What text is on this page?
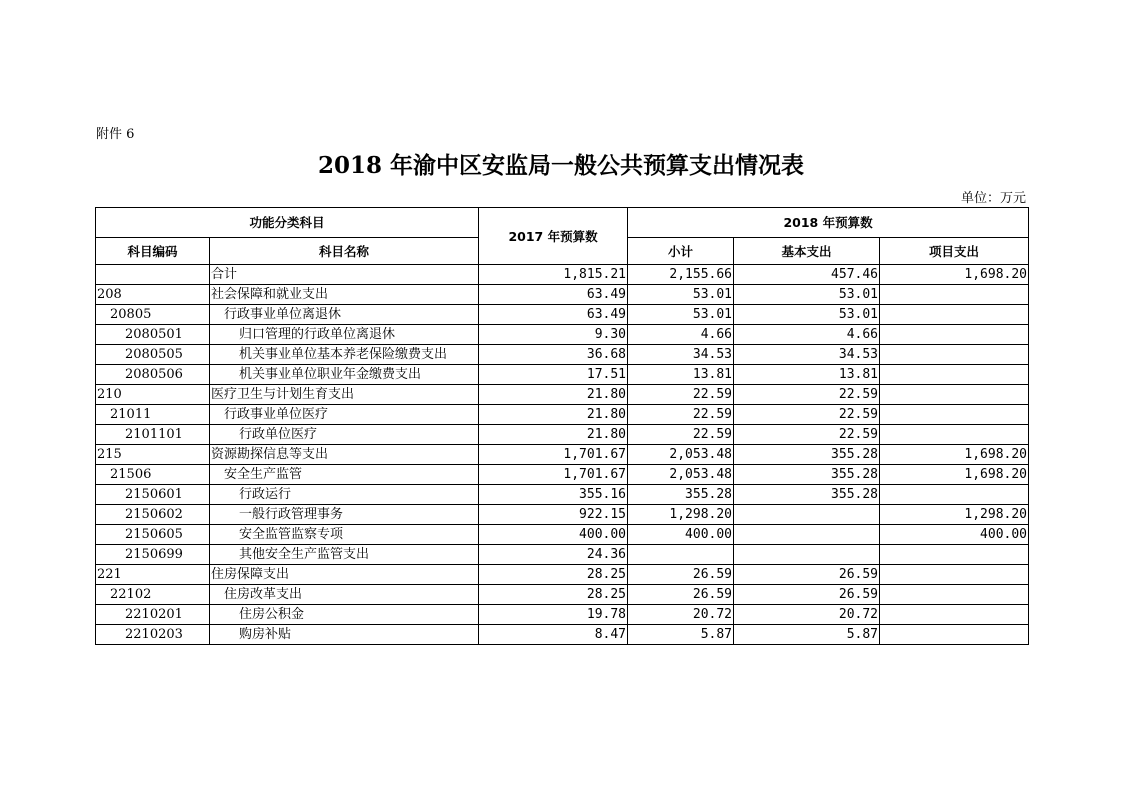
附件 6
2018 年渝中区安监局一般公共预算支出情况表
单位：万元
功能分类科目		2017 年预算数	2018 年预算数		
科目编码	科目名称		小计	基本支出	项目支出
	合计	1,815.21	2,155.66	457.46	1,698.20
208	社会保障和就业支出	63.49	53.01	53.01	
20805	行政事业单位离退休	63.49	53.01	53.01	
2080501	归口管理的行政单位离退休	9.30	4.66	4.66	
2080505	机关事业单位基本养老保险缴费支出	36.68	34.53	34.53	
2080506	机关事业单位职业年金缴费支出	17.51	13.81	13.81	
210	医疗卫生与计划生育支出	21.80	22.59	22.59	
21011	行政事业单位医疗	21.80	22.59	22.59	
2101101	行政单位医疗	21.80	22.59	22.59	
215	资源勘探信息等支出	1,701.67	2,053.48	355.28	1,698.20
21506	安全生产监管	1,701.67	2,053.48	355.28	1,698.20
2150601	行政运行	355.16	355.28	355.28	
2150602	一般行政管理事务	922.15	1,298.20		1,298.20
2150605	安全监管监察专项	400.00	400.00		400.00
2150699	其他安全生产监管支出	24.36			
221	住房保障支出	28.25	26.59	26.59	
22102	住房改革支出	28.25	26.59	26.59	
2210201	住房公积金	19.78	20.72	20.72	
2210203	购房补贴	8.47	5.87	5.87	
